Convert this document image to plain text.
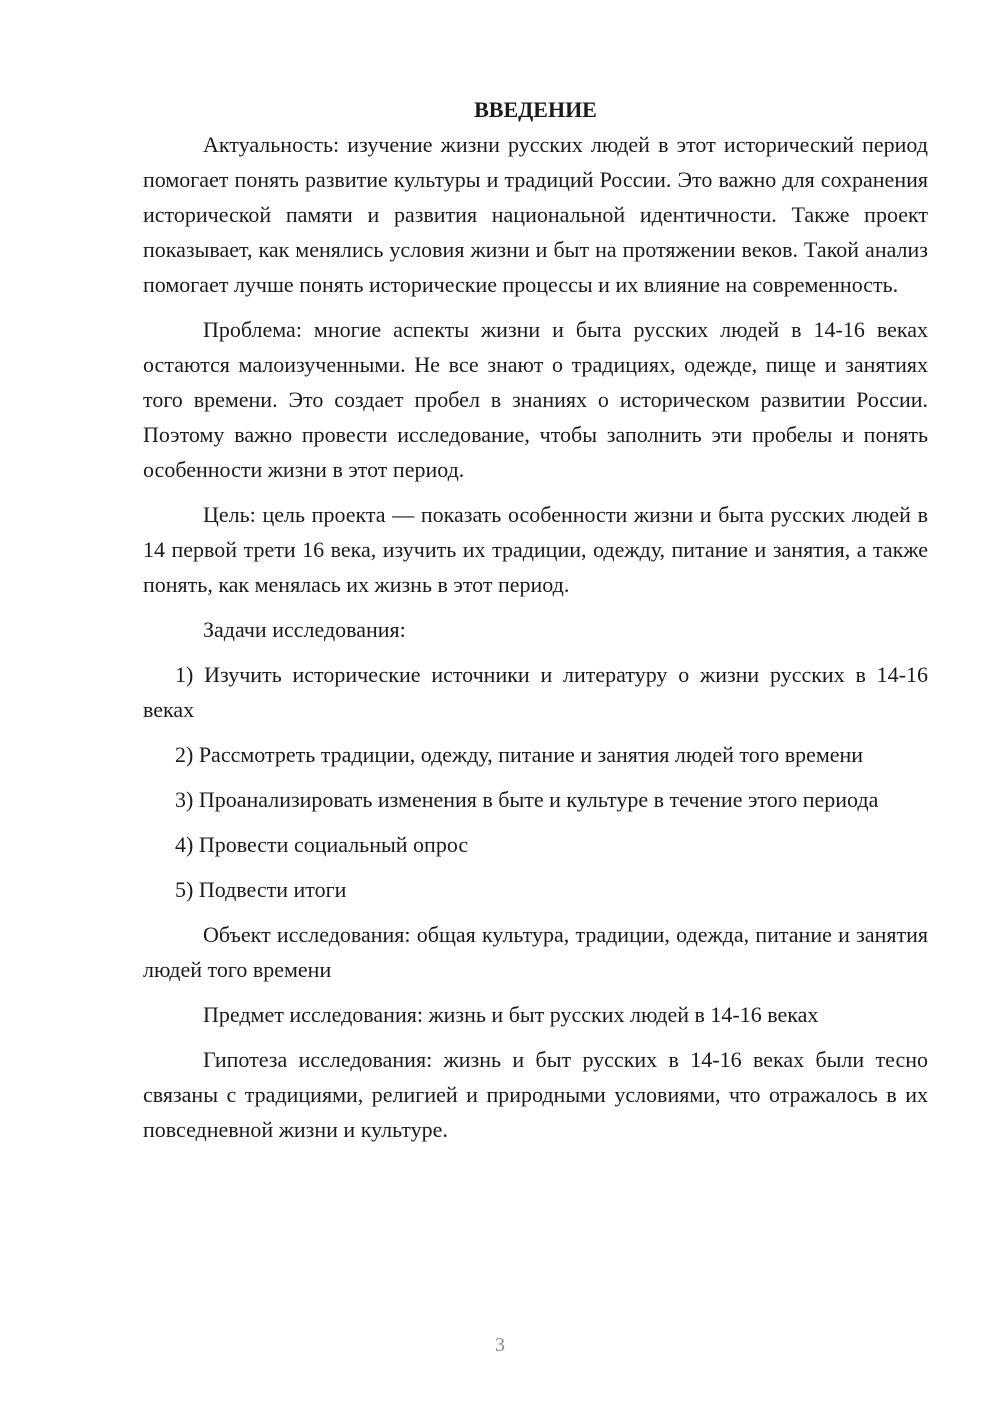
ВВЕДЕНИЕ

Актуальность: изучение жизни русских людей в этот исторический период помогает понять развитие культуры и традиций России. Это важно для сохранения исторической памяти и развития национальной идентичности. Также проект показывает, как менялись условия жизни и быт на протяжении веков. Такой анализ помогает лучше понять исторические процессы и их влияние на современность.

Проблема: многие аспекты жизни и быта русских людей в 14-16 веках остаются малоизученными. Не все знают о традициях, одежде, пище и занятиях того времени. Это создает пробел в знаниях о историческом развитии России. Поэтому важно провести исследование, чтобы заполнить эти пробелы и понять особенности жизни в этот период.

Цель: цель проекта — показать особенности жизни и быта русских людей в 14 первой трети 16 века, изучить их традиции, одежду, питание и занятия, а также понять, как менялась их жизнь в этот период.

Задачи исследования:

1) Изучить исторические источники и литературу о жизни русских в 14-16 веках

2) Рассмотреть традиции, одежду, питание и занятия людей того времени

3) Проанализировать изменения в быте и культуре в течение этого периода

4) Провести социальный опрос

5) Подвести итоги

Объект исследования: общая культура, традиции, одежда, питание и занятия людей того времени

Предмет исследования: жизнь и быт русских людей в 14-16 веках

Гипотеза исследования: жизнь и быт русских в 14-16 веках были тесно связаны с традициями, религией и природными условиями, что отражалось в их повседневной жизни и культуре.

3
